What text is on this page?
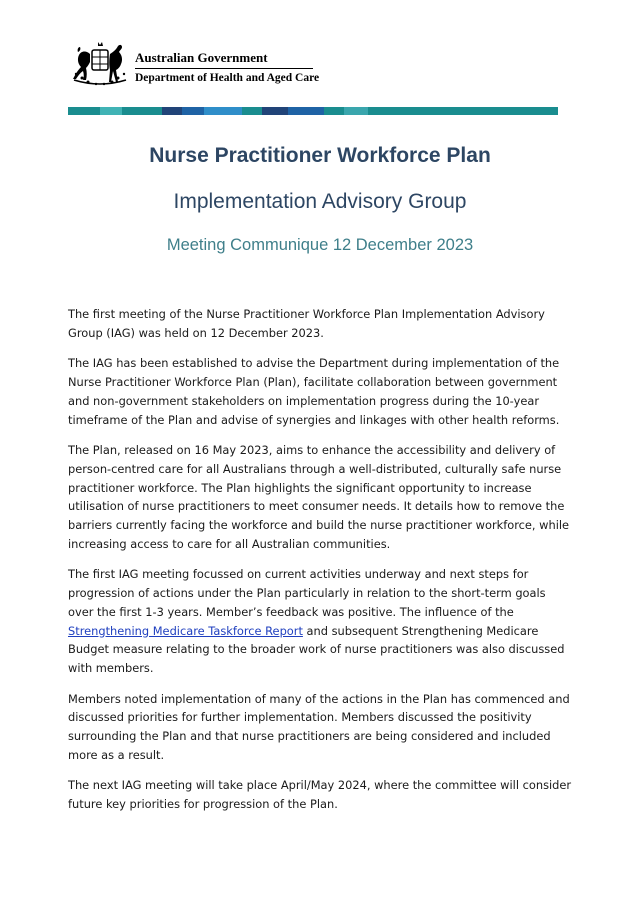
Australian Government
Department of Health and Aged Care
Nurse Practitioner Workforce Plan
Implementation Advisory Group
Meeting Communique 12 December 2023

The first meeting of the Nurse Practitioner Workforce Plan Implementation Advisory Group (IAG) was held on 12 December 2023.

The IAG has been established to advise the Department during implementation of the Nurse Practitioner Workforce Plan (Plan), facilitate collaboration between government and non-government stakeholders on implementation progress during the 10-year timeframe of the Plan and advise of synergies and linkages with other health reforms.

The Plan, released on 16 May 2023, aims to enhance the accessibility and delivery of person-centred care for all Australians through a well-distributed, culturally safe nurse practitioner workforce. The Plan highlights the significant opportunity to increase utilisation of nurse practitioners to meet consumer needs. It details how to remove the barriers currently facing the workforce and build the nurse practitioner workforce, while increasing access to care for all Australian communities.

The first IAG meeting focussed on current activities underway and next steps for progression of actions under the Plan particularly in relation to the short-term goals over the first 1-3 years. Member’s feedback was positive. The influence of the Strengthening Medicare Taskforce Report and subsequent Strengthening Medicare Budget measure relating to the broader work of nurse practitioners was also discussed with members.

Members noted implementation of many of the actions in the Plan has commenced and discussed priorities for further implementation. Members discussed the positivity surrounding the Plan and that nurse practitioners are being considered and included more as a result.

The next IAG meeting will take place April/May 2024, where the committee will consider future key priorities for progression of the Plan.
